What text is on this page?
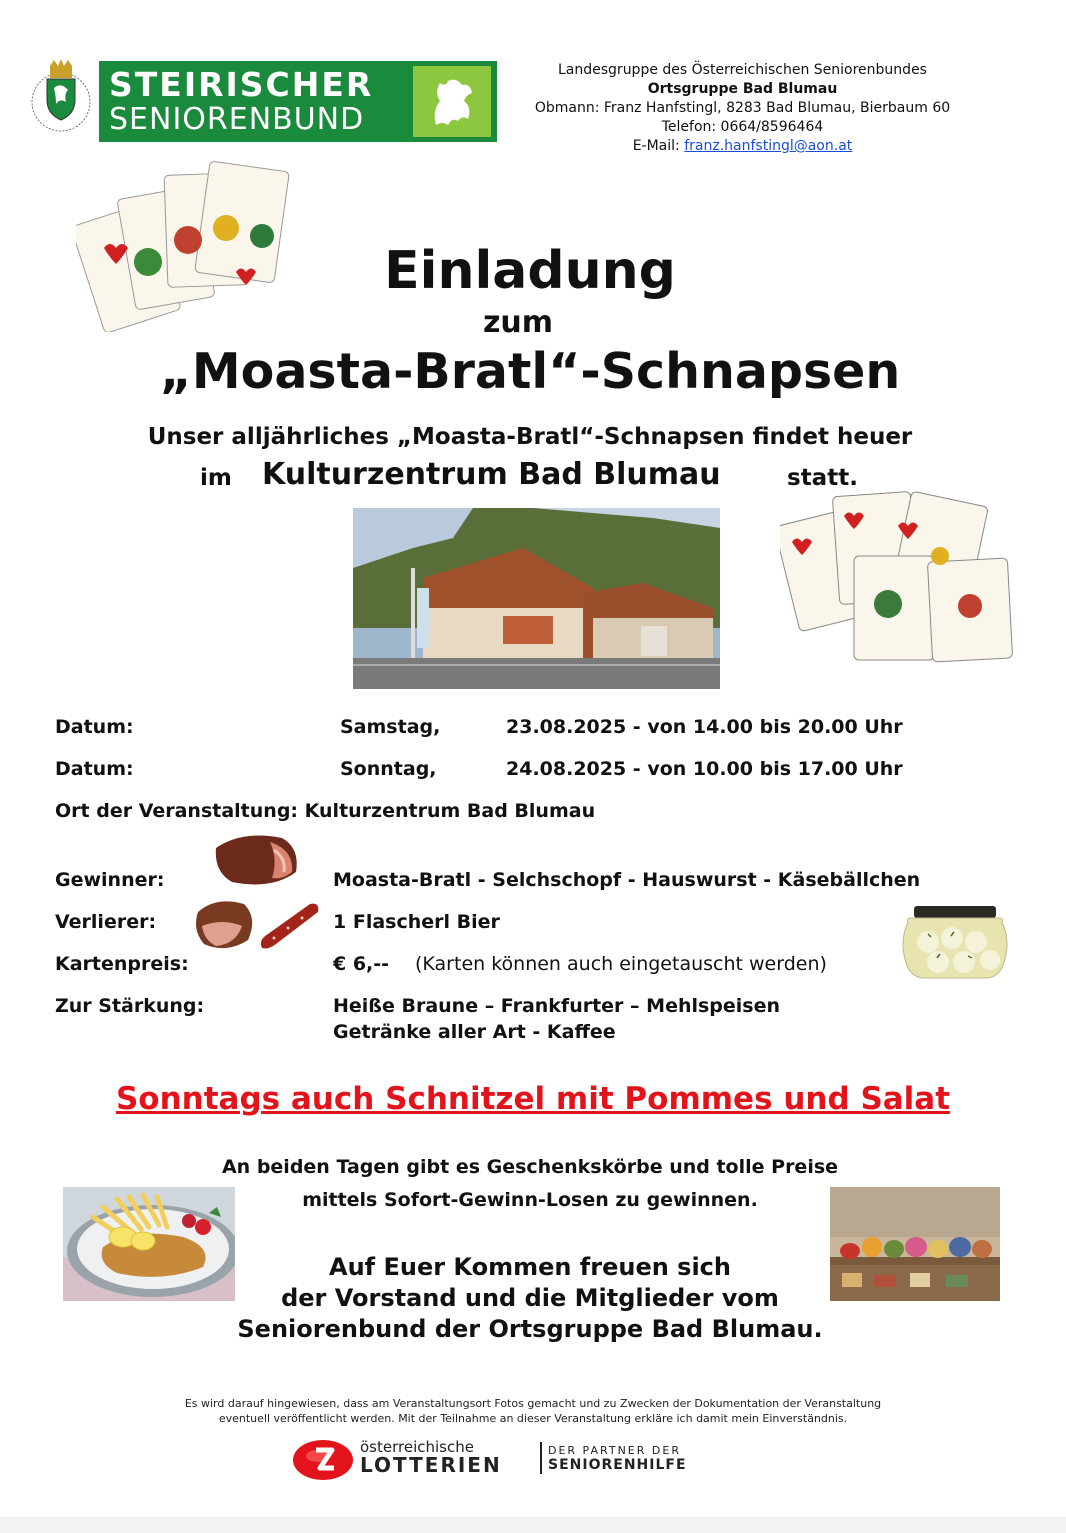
STEIRISCHER
SENIORENBUND
Landesgruppe des Österreichischen Seniorenbundes
Ortsgruppe Bad Blumau
Obmann: Franz Hanfstingl, 8283 Bad Blumau, Bierbaum 60
Telefon: 0664/8596464
E-Mail: franz.hanfstingl@aon.at
Einladung
zum
„Moasta-Bratl“-Schnapsen
Unser alljährliches „Moasta-Bratl“-Schnapsen findet heuer
im Kulturzentrum Bad Blumau	statt.
Datum:	Samstag,	23.08.2025 - von 14.00 bis 20.00 Uhr
Datum:	Sonntag,	24.08.2025 - von 10.00 bis 17.00 Uhr
Ort der Veranstaltung: Kulturzentrum Bad Blumau
Gewinner:	Moasta-Bratl - Selchschopf - Hauswurst - Käsebällchen
Verlierer:	1 Flascherl Bier
Kartenpreis:	€ 6,-- (Karten können auch eingetauscht werden)
Zur Stärkung:	Heiße Braune – Frankfurter – Mehlspeisen
Getränke aller Art - Kaffee
Sonntags auch Schnitzel mit Pommes und Salat
An beiden Tagen gibt es Geschenkskörbe und tolle Preise
mittels Sofort-Gewinn-Losen zu gewinnen.
Auf Euer Kommen freuen sich
der Vorstand und die Mitglieder vom
Seniorenbund der Ortsgruppe Bad Blumau.
Es wird darauf hingewiesen, dass am Veranstaltungsort Fotos gemacht und zu Zwecken der Dokumentation der Veranstaltung
eventuell veröffentlicht werden. Mit der Teilnahme an dieser Veranstaltung erkläre ich damit mein Einverständnis.
österreichische
LOTTERIEN
DER PARTNER DER
SENIORENHILFE
